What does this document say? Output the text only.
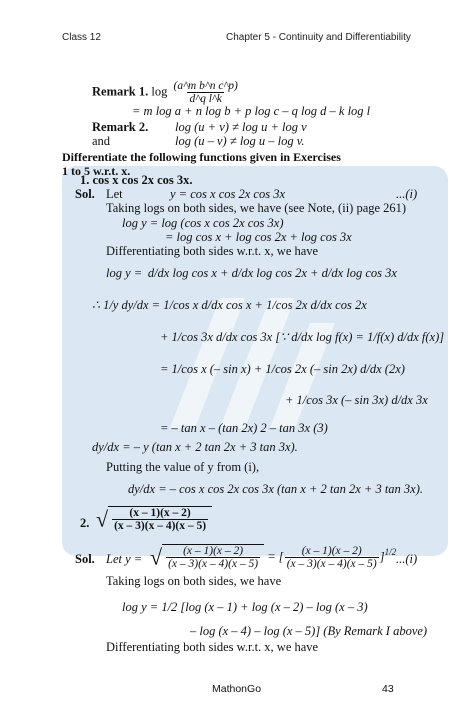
Class 12	Chapter 5 - Continuity and Differentiability
Remark 1. $\log \frac{\text{(a\textasciicircum{}m b\textasciicircum{}n c\textasciicircum{}p)}}{\text{d\textasciicircum{}q l\textasciicircum{}k}}$
= m log a + n log b + p log c – q log d – k log l
Remark 2. log (u + v) ≠ log u + log v
and	log (u – v) ≠ log u – log v.
Differentiate the following functions given in Exercises
1 to 5 w.r.t. x.
1. cos x cos 2x cos 3x.
Sol. Let	y = cos x cos 2x cos 3x	...(i)
Taking logs on both sides, we have (see Note, (ii) page 261)
log y = log (cos x cos 2x cos 3x)
= log cos x + log cos 2x + log cos 3x
Differentiating both sides w.r.t. x, we have
log y =  d/dx log cos x + d/dx log cos 2x + d/dx log cos 3x
∴ 1/y dy/dx = 1/cos x d/dx cos x + 1/cos 2x d/dx cos 2x
+ 1/cos 3x d/dx cos 3x [∵ d/dx log f(x) = 1/f(x) d/dx f(x)]
= 1/cos x (– sin x) + 1/cos 2x (– sin 2x) d/dx (2x)
+ 1/cos 3x (– sin 3x) d/dx 3x
= – tan x – (tan 2x) 2 – tan 3x (3)
dy/dx = – y (tan x + 2 tan 2x + 3 tan 3x).
Putting the value of y from (i),
dy/dx = – cos x cos 2x cos 3x (tan x + 2 tan 2x + 3 tan 3x).
2. √ $\frac{(x - 1)(x - 2)}{(x - 3)(x - 4)(x - 5)}$
Sol. Let y = √ $\frac{(x - 1)(x - 2)}{(x - 3)(x - 4)(x - 5)}$ = [ $\frac{(x - 1)(x - 2)}{(x - 3)(x - 4)(x - 5)} ]^{1/2}$ ...(i)
Taking logs on both sides, we have
log y = 1/2 [log (x – 1) + log (x – 2) – log (x – 3)
– log (x – 4) – log (x – 5)] (By Remark I above)
Differentiating both sides w.r.t. x, we have
MathonGo	43
